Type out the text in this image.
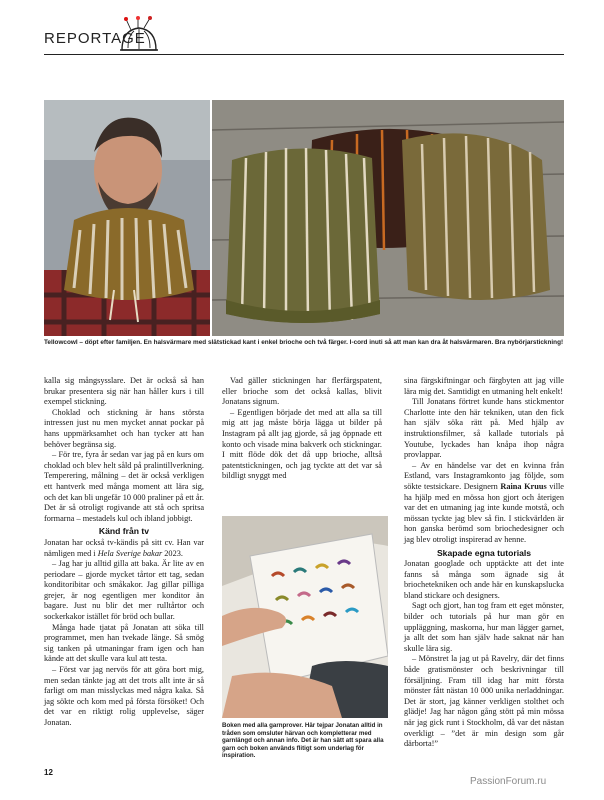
REPORTAGE
Tellowcowl – döpt efter familjen. En halsvärmare med slätstickad kant i enkel brioche och två färger. I-cord inuti så att man kan dra åt halsvärmaren. Bra nybörjarstickning!

kalla sig mångsysslare. Det är också så han brukar presentera sig när han håller kurs i till exempel stickning.

Choklad och stickning är hans största intressen just nu men mycket annat pockar på hans uppmärksamhet och han tycker att han behöver begränsa sig.

– För tre, fyra år sedan var jag på en kurs om choklad och blev helt såld på pralintillverkning. Temperering, målning – det är också verkligen ett hantverk med många moment att lära sig, och det kan bli ungefär 10 000 praliner på ett år. Det är så otroligt rogivande att stå och spritsa formarna – mestadels kul och ibland jobbigt.

Känd från tv

Jonatan har också tv-kändis på sitt cv. Han var nämligen med i Hela Sverige bakar 2023.

– Jag har ju alltid gilla att baka. Är lite av en periodare – gjorde mycket tårtor ett tag, sedan konditoribitar och småkakor. Jag gillar pilliga grejer, är nog egentligen mer konditor än bagare. Just nu blir det mer rulltårtor och sockerkakor istället för bröd och bullar.

Många hade tjatat på Jonatan att söka till programmet, men han tvekade länge. Så smög sig tanken på utmaningar fram igen och han kände att det skulle vara kul att testa.

– Först var jag nervös för att göra bort mig, men sedan tänkte jag att det trots allt inte är så farligt om man misslyckas med några kaka. Så jag sökte och kom med på första försöket! Och det var en riktigt rolig upplevelse, säger Jonatan.

Vad gäller stickningen har flerfärgspatent, eller brioche som det också kallas, blivit Jonatans signum.

– Egentligen började det med att alla sa till mig att jag måste börja lägga ut bilder på Instagram på allt jag gjorde, så jag öppnade ett konto och visade mina bakverk och stickningar. I mitt flöde dök det då upp brioche, alltså patentstickningen, och jag tyckte att det var så bildligt snyggt med

Boken med alla garnprover. Här tejpar Jonatan alltid in tråden som omsluter härvan och kompletterar med garnlängd och annan info. Det är han sätt att spara alla garn och boken används flitigt som underlag för inspiration.

sina färgskiftningar och färgbyten att jag ville lära mig det. Samtidigt en utmaning helt enkelt!

Till Jonatans förtret kunde hans stickmentor Charlotte inte den här tekniken, utan den fick han själv söka rätt på. Med hjälp av instruktionsfilmer, så kallade tutorials på Youtube, lyckades han knåpa ihop några provlappar.

– Av en händelse var det en kvinna från Estland, vars Instagramkonto jag följde, som sökte testsickare. Designern Raina Kruus ville ha hjälp med en mössa hon gjort och återigen var det en utmaning jag inte kunde motstå, och mössan tyckte jag blev så fin. I stickvärlden är hon ganska berömd som briochedesigner och jag blev otroligt inspirerad av henne.

Skapade egna tutorials

Jonatan googlade och upptäckte att det inte fanns så många som ägnade sig åt briochetekniken och ande här en kunskapslucka bland stickare och designers.

Sagt och gjort, han tog fram ett eget mönster, bilder och tutorials på hur man gör en uppläggning, maskorna, hur man lägger garnet, ja allt det som han själv hade saknat när han skulle lära sig.

– Mönstret la jag ut på Ravelry, där det finns både gratismönster och beskrivningar till försäljning. Fram till idag har mitt första mönster fått nästan 10 000 unika nerladdningar. Det är stort, jag känner verkligen stolthet och glädje! Jag har någon gång stött på min mössa när jag gick runt i Stockholm, då var det nästan overkligt – ”det är min design som går därborta!”

12
PassionForum.ru
